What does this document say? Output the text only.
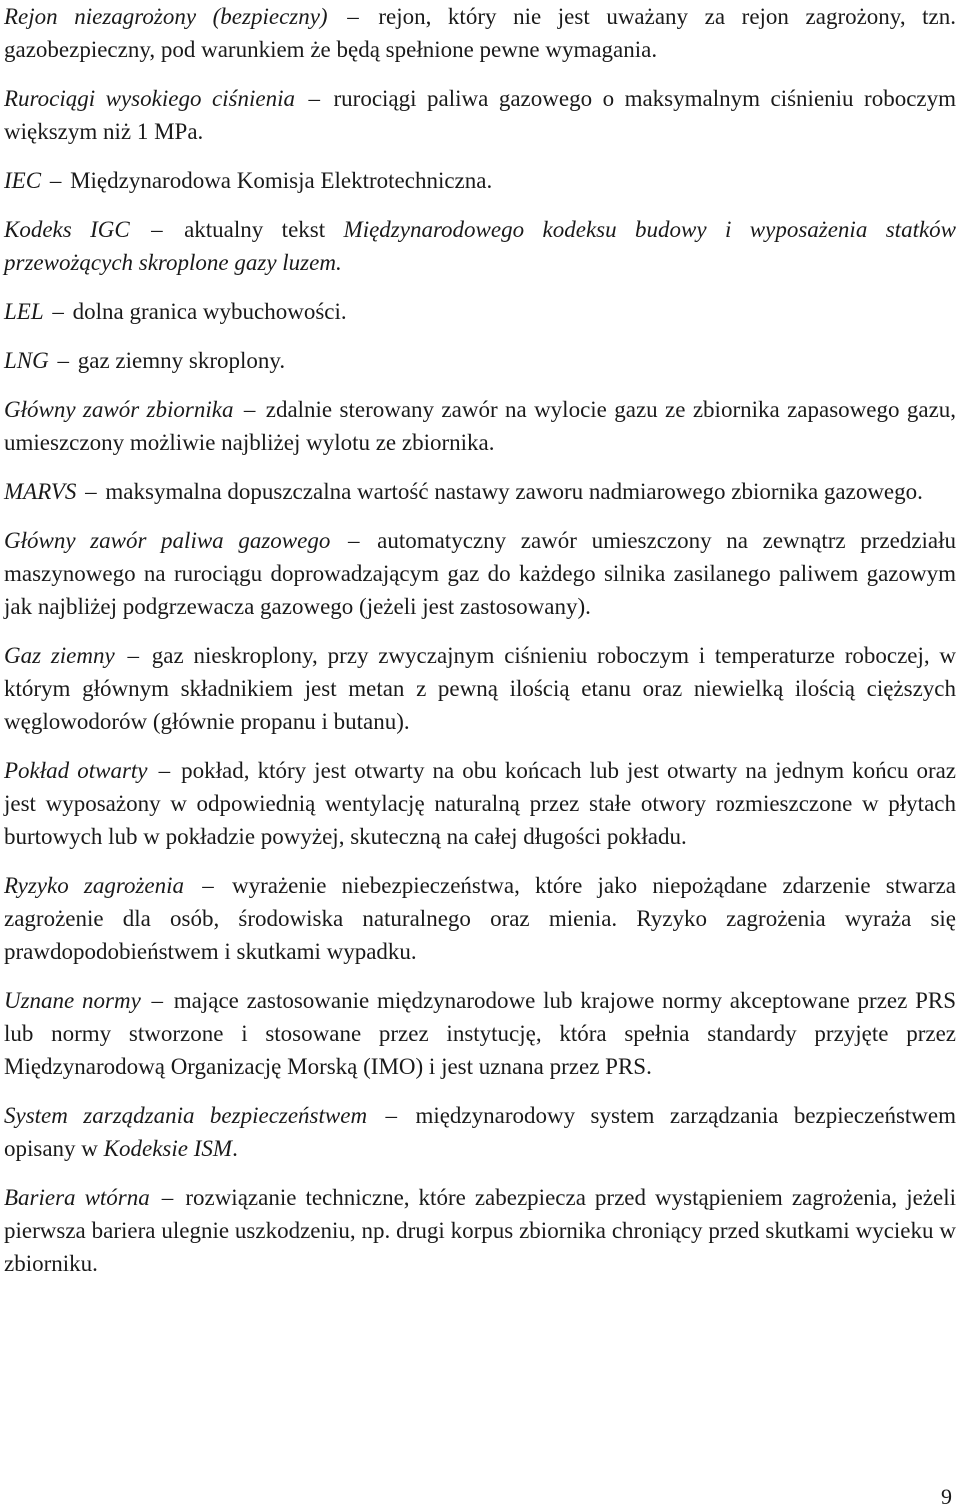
Rejon niezagrożony (bezpieczny) – rejon, który nie jest uważany za rejon zagrożony, tzn. gazobezpieczny, pod warunkiem że będą spełnione pewne wymagania.

Rurociągi wysokiego ciśnienia – rurociągi paliwa gazowego o maksymalnym ciśnieniu roboczym większym niż 1 MPa.

IEC – Międzynarodowa Komisja Elektrotechniczna.

Kodeks IGC – aktualny tekst Międzynarodowego kodeksu budowy i wyposażenia statków przewożących skroplone gazy luzem.

LEL – dolna granica wybuchowości.

LNG – gaz ziemny skroplony.

Główny zawór zbiornika – zdalnie sterowany zawór na wylocie gazu ze zbiornika zapasowego gazu, umieszczony możliwie najbliżej wylotu ze zbiornika.

MARVS – maksymalna dopuszczalna wartość nastawy zaworu nadmiarowego zbiornika gazowego.

Główny zawór paliwa gazowego – automatyczny zawór umieszczony na zewnątrz przedziału maszynowego na rurociągu doprowadzającym gaz do każdego silnika zasilanego paliwem gazowym jak najbliżej podgrzewacza gazowego (jeżeli jest zastosowany).

Gaz ziemny – gaz nieskroplony, przy zwyczajnym ciśnieniu roboczym i temperaturze roboczej, w którym głównym składnikiem jest metan z pewną ilością etanu oraz niewielką ilością cięższych węglowodorów (głównie propanu i butanu).

Pokład otwarty – pokład, który jest otwarty na obu końcach lub jest otwarty na jednym końcu oraz jest wyposażony w odpowiednią wentylację naturalną przez stałe otwory rozmieszczone w płytach burtowych lub w pokładzie powyżej, skuteczną na całej długości pokładu.

Ryzyko zagrożenia – wyrażenie niebezpieczeństwa, które jako niepożądane zdarzenie stwarza zagrożenie dla osób, środowiska naturalnego oraz mienia. Ryzyko zagrożenia wyraża się prawdopodobieństwem i skutkami wypadku.

Uznane normy – mające zastosowanie międzynarodowe lub krajowe normy akceptowane przez PRS lub normy stworzone i stosowane przez instytucję, która spełnia standardy przyjęte przez Międzynarodową Organizację Morską (IMO) i jest uznana przez PRS.

System zarządzania bezpieczeństwem – międzynarodowy system zarządzania bezpieczeństwem opisany w Kodeksie ISM.

Bariera wtórna – rozwiązanie techniczne, które zabezpiecza przed wystąpieniem zagrożenia, jeżeli pierwsza bariera ulegnie uszkodzeniu, np. drugi korpus zbiornika chroniący przed skutkami wycieku w zbiorniku.

9
